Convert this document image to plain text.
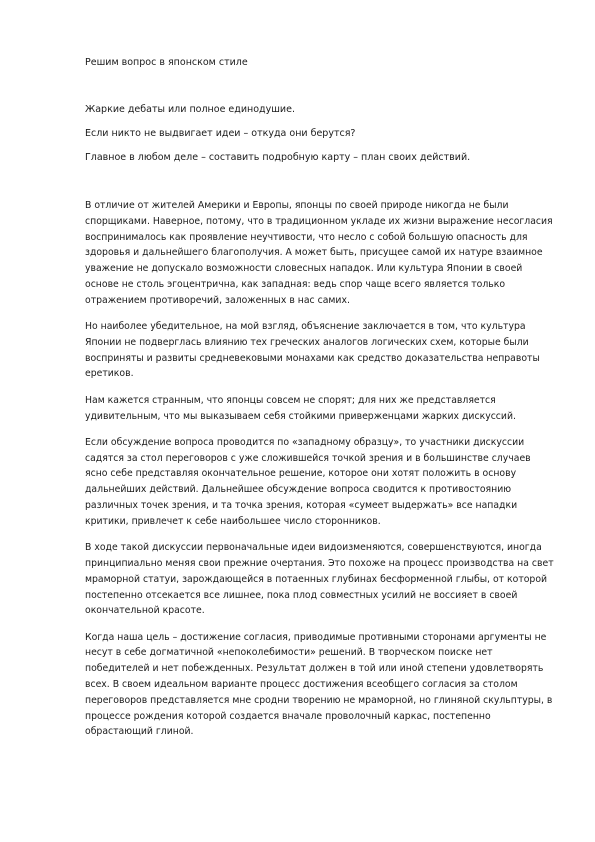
Решим вопрос в японском стиле

Жаркие дебаты или полное единодушие.

Если никто не выдвигает идеи – откуда они берутся?

Главное в любом деле – составить подробную карту – план своих действий.

В отличие от жителей Америки и Европы, японцы по своей природе никогда не были спорщиками. Наверное, потому, что в традиционном укладе их жизни выражение несогласия воспринималось как проявление неучтивости, что несло с собой большую опасность для здоровья и дальнейшего благополучия. А может быть, присущее самой их натуре взаимное уважение не допускало возможности словесных нападок. Или культура Японии в своей основе не столь эгоцентрична, как западная: ведь спор чаще всего является только отражением противоречий, заложенных в нас самих.

Но наиболее убедительное, на мой взгляд, объяснение заключается в том, что культура Японии не подверглась влиянию тех греческих аналогов логических схем, которые были восприняты и развиты средневековыми монахами как средство доказательства неправоты еретиков.

Нам кажется странным, что японцы совсем не спорят; для них же представляется удивительным, что мы выказываем себя стойкими приверженцами жарких дискуссий.

Если обсуждение вопроса проводится по «западному образцу», то участники дискуссии садятся за стол переговоров с уже сложившейся точкой зрения и в большинстве случаев ясно себе представляя окончательное решение, которое они хотят положить в основу дальнейших действий. Дальнейшее обсуждение вопроса сводится к противостоянию различных точек зрения, и та точка зрения, которая «сумеет выдержать» все нападки критики, привлечет к себе наибольшее число сторонников.

В ходе такой дискуссии первоначальные идеи видоизменяются, совершенствуются, иногда принципиально меняя свои прежние очертания. Это похоже на процесс производства на свет мраморной статуи, зарождающейся в потаенных глубинах бесформенной глыбы, от которой постепенно отсекается все лишнее, пока плод совместных усилий не воссияет в своей окончательной красоте.

Когда наша цель – достижение согласия, приводимые противными сторонами аргументы не несут в себе догматичной «непоколебимости» решений. В творческом поиске нет победителей и нет побежденных. Результат должен в той или иной степени удовлетворять всех. В своем идеальном варианте процесс достижения всеобщего согласия за столом переговоров представляется мне сродни творению не мраморной, но глиняной скульптуры, в процессе рождения которой создается вначале проволочный каркас, постепенно обрастающий глиной.
